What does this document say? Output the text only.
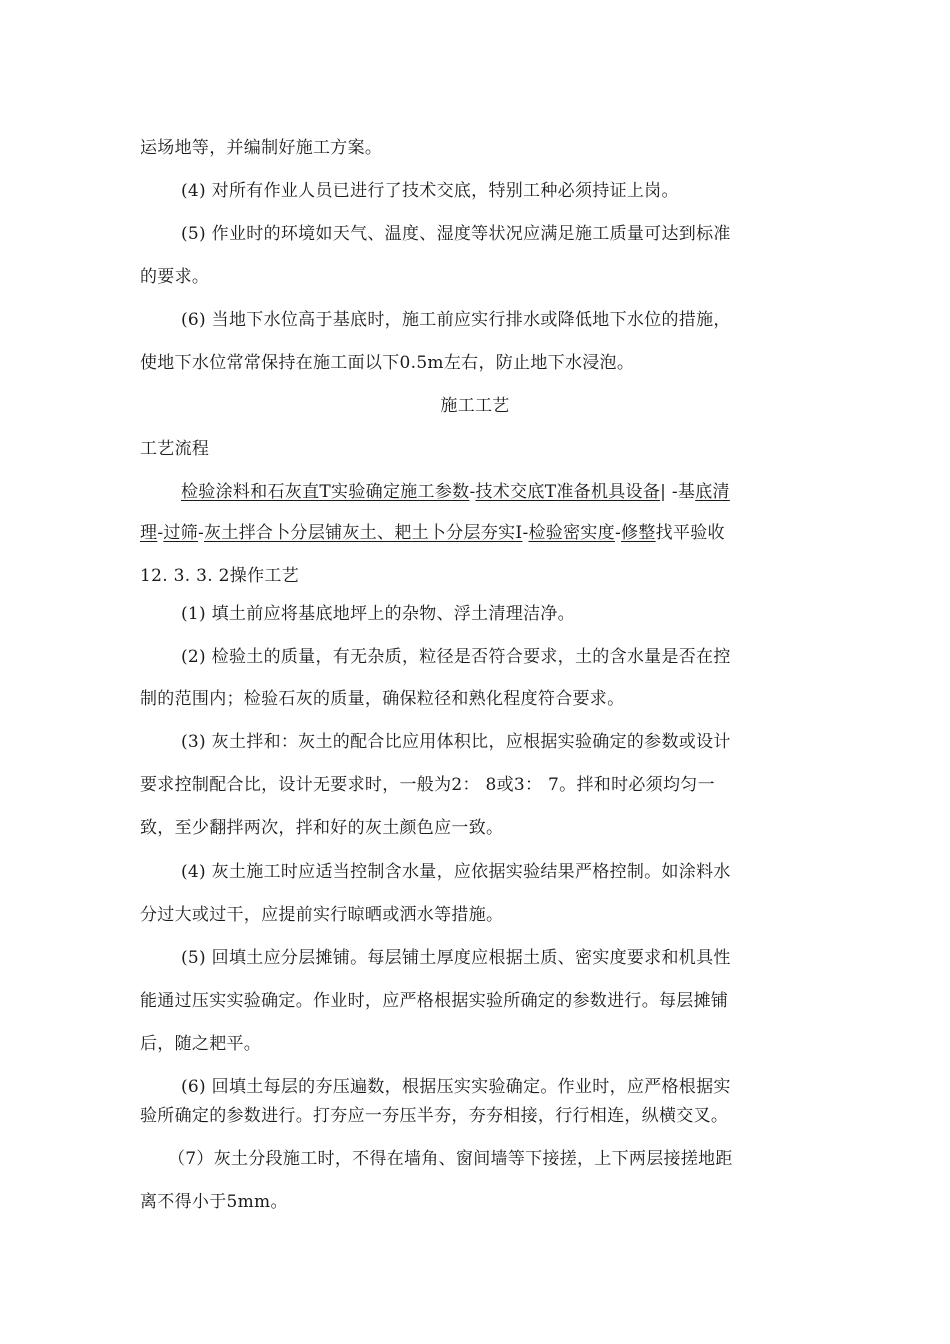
运场地等，并编制好施工方案。
(4) 对所有作业人员已进行了技术交底，特别工种必须持证上岗。
(5) 作业时的环境如天气、温度、湿度等状况应满足施工质量可达到标准
的要求。
(6) 当地下水位高于基底时，施工前应实行排水或降低地下水位的措施，
使地下水位常常保持在施工面以下0.5m左右，防止地下水浸泡。
施工工艺
工艺流程
检验涂料和石灰直T实验确定施工参数-技术交底T准备机具设备| -基底清
理-过筛-灰土拌合卜分层铺灰土、耙土卜分层夯实I-检验密实度-修整找平验收
12. 3. 3. 2操作工艺
(1) 填土前应将基底地坪上的杂物、浮土清理洁净。
(2) 检验土的质量，有无杂质，粒径是否符合要求，土的含水量是否在控
制的范围内；检验石灰的质量，确保粒径和熟化程度符合要求。
(3) 灰土拌和：灰土的配合比应用体积比，应根据实验确定的参数或设计
要求控制配合比，设计无要求时，一般为2： 8或3： 7。拌和时必须均匀一
致，至少翻拌两次，拌和好的灰土颜色应一致。
(4) 灰土施工时应适当控制含水量，应依据实验结果严格控制。如涂料水
分过大或过干，应提前实行晾晒或洒水等措施。
(5) 回填土应分层摊铺。每层铺土厚度应根据土质、密实度要求和机具性
能通过压实实验确定。作业时，应严格根据实验所确定的参数进行。每层摊铺
后，随之耙平。
(6) 回填土每层的夯压遍数，根据压实实验确定。作业时，应严格根据实
验所确定的参数进行。打夯应一夯压半夯，夯夯相接，行行相连，纵横交叉。
（7）灰土分段施工时，不得在墙角、窗间墙等下接搓，上下两层接搓地距
离不得小于5mm。
